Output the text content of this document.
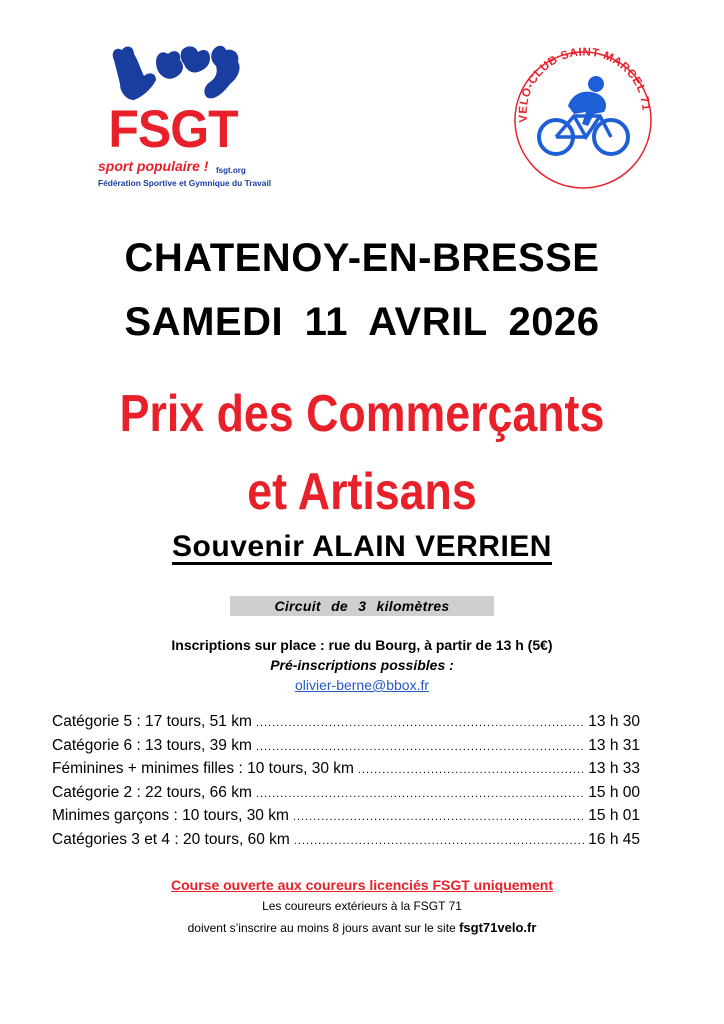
FSGT
sport populaire ! fsgt.org
Fédération Sportive et Gymnique du Travail
VELO-CLUB SAINT-MARCEL 71
CHATENOY-EN-BRESSE
SAMEDI 11 AVRIL 2026
Prix des Commerçants
et Artisans
Souvenir ALAIN VERRIEN
Circuit de 3 kilomètres
Inscriptions sur place : rue du Bourg, à partir de 13 h (5€)
Pré-inscriptions possibles :
olivier-berne@bbox.fr
Catégorie 5 : 17 tours, 51 km .....	13 h 30
Catégorie 6 : 13 tours, 39 km .....	13 h 31
Féminines + minimes filles : 10 tours, 30 km .....	13 h 33
Catégorie 2 : 22 tours, 66 km .....	15 h 00
Minimes garçons : 10 tours, 30 km .....	15 h 01
Catégories 3 et 4 : 20 tours, 60 km .....	16 h 45
Course ouverte aux coureurs licenciés FSGT uniquement
Les coureurs extérieurs à la FSGT 71
doivent s’inscrire au moins 8 jours avant sur le site fsgt71velo.fr
